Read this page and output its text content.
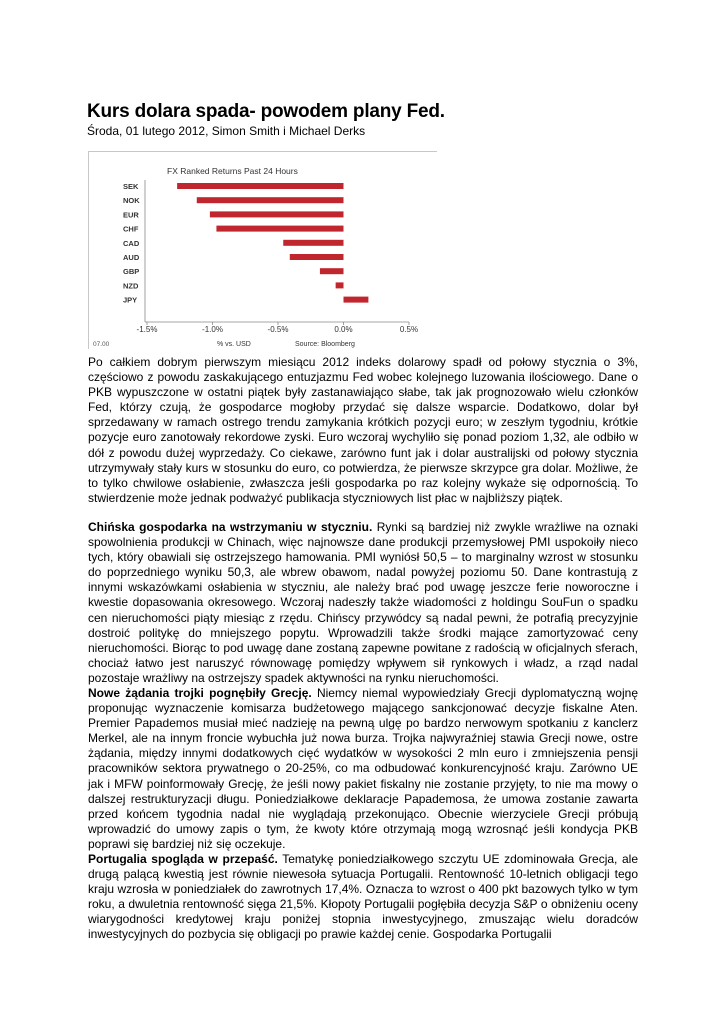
Kurs dolara spada- powodem plany Fed.
Środa, 01 lutego 2012, Simon Smith i Michael Derks
FX Ranked Returns Past 24 Hours
% vs. USD	Source: Bloomberg
07.00
SEK
NOK
EUR
CHF
CAD
AUD
GBP
NZD
JPY
-1.5%	-1.0%	-0.5%	0.0%	0.5%

Po całkiem dobrym pierwszym miesiącu 2012 indeks dolarowy spadł od połowy stycznia o 3%, częściowo z powodu zaskakującego entuzjazmu Fed wobec kolejnego luzowania ilościowego. Dane o PKB wypuszczone w ostatni piątek były zastanawiająco słabe, tak jak prognozowało wielu członków Fed, którzy czują, że gospodarce mogłoby przydać się dalsze wsparcie. Dodatkowo, dolar był sprzedawany w ramach ostrego trendu zamykania krótkich pozycji euro; w zeszłym tygodniu, krótkie pozycje euro zanotowały rekordowe zyski. Euro wczoraj wychyliło się ponad poziom 1,32, ale odbiło w dół z powodu dużej wyprzedaży. Co ciekawe, zarówno funt jak i dolar australijski od połowy stycznia utrzymywały stały kurs w stosunku do euro, co potwierdza, że pierwsze skrzypce gra dolar. Możliwe, że to tylko chwilowe osłabienie, zwłaszcza jeśli gospodarka po raz kolejny wykaże się odpornością. To stwierdzenie może jednak podważyć publikacja styczniowych list płac w najbliższy piątek.

Chińska gospodarka na wstrzymaniu w styczniu. Rynki są bardziej niż zwykle wrażliwe na oznaki spowolnienia produkcji w Chinach, więc najnowsze dane produkcji przemysłowej PMI uspokoiły nieco tych, który obawiali się ostrzejszego hamowania. PMI wyniósł 50,5 – to marginalny wzrost w stosunku do poprzedniego wyniku 50,3, ale wbrew obawom, nadal powyżej poziomu 50. Dane kontrastują z innymi wskazówkami osłabienia w styczniu, ale należy brać pod uwagę jeszcze ferie noworoczne i kwestie dopasowania okresowego. Wczoraj nadeszły także wiadomości z holdingu SouFun o spadku cen nieruchomości piąty miesiąc z rzędu. Chińscy przywódcy są nadal pewni, że potrafią precyzyjnie dostroić politykę do mniejszego popytu. Wprowadzili także środki mające zamortyzować ceny nieruchomości. Biorąc to pod uwagę dane zostaną zapewne powitane z radością w oficjalnych sferach, chociaż łatwo jest naruszyć równowagę pomiędzy wpływem sił rynkowych i władz, a rząd nadal pozostaje wrażliwy na ostrzejszy spadek aktywności na rynku nieruchomości.

Nowe żądania trojki pognębiły Grecję. Niemcy niemal wypowiedziały Grecji dyplomatyczną wojnę proponując wyznaczenie komisarza budżetowego mającego sankcjonować decyzje fiskalne Aten. Premier Papademos musiał mieć nadzieję na pewną ulgę po bardzo nerwowym spotkaniu z kanclerz Merkel, ale na innym froncie wybuchła już nowa burza. Trojka najwyraźniej stawia Grecji nowe, ostre żądania, między innymi dodatkowych cięć wydatków w wysokości 2 mln euro i zmniejszenia pensji pracowników sektora prywatnego o 20-25%, co ma odbudować konkurencyjność kraju. Zarówno UE jak i MFW poinformowały Grecję, że jeśli nowy pakiet fiskalny nie zostanie przyjęty, to nie ma mowy o dalszej restrukturyzacji długu. Poniedziałkowe deklaracje Papademosa, że umowa zostanie zawarta przed końcem tygodnia nadal nie wyglądają przekonująco. Obecnie wierzyciele Grecji próbują wprowadzić do umowy zapis o tym, że kwoty które otrzymają mogą wzrosnąć jeśli kondycja PKB poprawi się bardziej niż się oczekuje.

Portugalia spogląda w przepaść. Tematykę poniedziałkowego szczytu UE zdominowała Grecja, ale drugą palącą kwestią jest równie niewesoła sytuacja Portugalii. Rentowność 10-letnich obligacji tego kraju wzrosła w poniedziałek do zawrotnych 17,4%. Oznacza to wzrost o 400 pkt bazowych tylko w tym roku, a dwuletnia rentowność sięga 21,5%. Kłopoty Portugalii pogłębiła decyzja S&P o obniżeniu oceny wiarygodności kredytowej kraju poniżej stopnia inwestycyjnego, zmuszając wielu doradców inwestycyjnych do pozbycia się obligacji po prawie każdej cenie. Gospodarka Portugalii
